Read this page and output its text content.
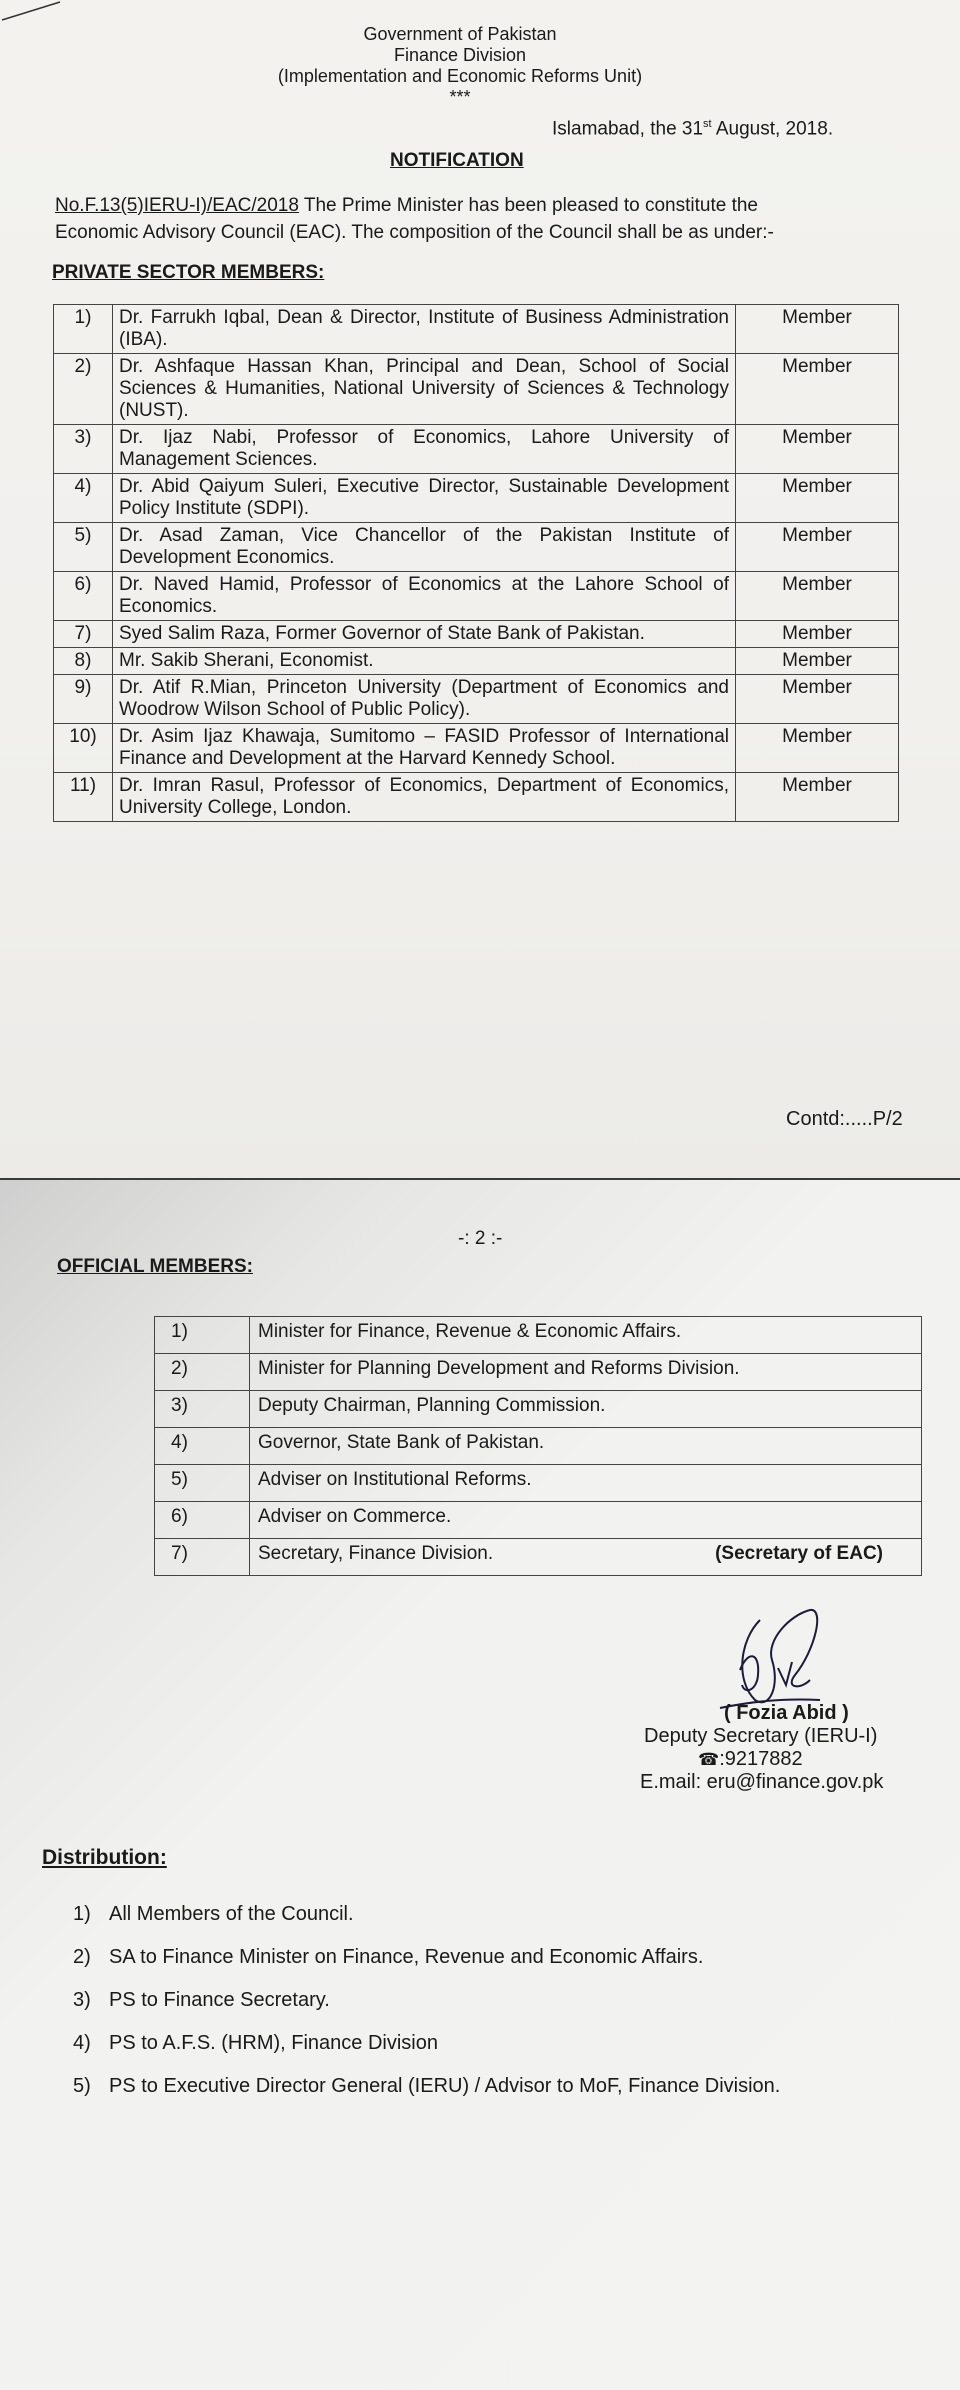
Government of Pakistan
Finance Division
(Implementation and Economic Reforms Unit)
***
Islamabad, the 31st August, 2018.
NOTIFICATION
No.F.13(5)IERU-I)/EAC/2018 The Prime Minister has been pleased to constitute the
Economic Advisory Council (EAC). The composition of the Council shall be as under:-
PRIVATE SECTOR MEMBERS:
1)	Dr. Farrukh Iqbal, Dean & Director, Institute of Business Administration (IBA).	Member
2)	Dr. Ashfaque Hassan Khan, Principal and Dean, School of Social Sciences & Humanities, National University of Sciences & Technology (NUST).	Member
3)	Dr. Ijaz Nabi, Professor of Economics, Lahore University of Management Sciences.	Member
4)	Dr. Abid Qaiyum Suleri, Executive Director, Sustainable Development Policy Institute (SDPI).	Member
5)	Dr. Asad Zaman, Vice Chancellor of the Pakistan Institute of Development Economics.	Member
6)	Dr. Naved Hamid, Professor of Economics at the Lahore School of Economics.	Member
7)	Syed Salim Raza, Former Governor of State Bank of Pakistan.	Member
8)	Mr. Sakib Sherani, Economist.	Member
9)	Dr. Atif R.Mian, Princeton University (Department of Economics and Woodrow Wilson School of Public Policy).	Member
10)	Dr. Asim Ijaz Khawaja, Sumitomo – FASID Professor of International Finance and Development at the Harvard Kennedy School.	Member
11)	Dr. Imran Rasul, Professor of Economics, Department of Economics, University College, London.	Member
Contd:.....P/2
-: 2 :-
OFFICIAL MEMBERS:
1)	Minister for Finance, Revenue & Economic Affairs.
2)	Minister for Planning Development and Reforms Division.
3)	Deputy Chairman, Planning Commission.
4)	Governor, State Bank of Pakistan.
5)	Adviser on Institutional Reforms.
6)	Adviser on Commerce.
7)	Secretary, Finance Division. (Secretary of EAC)
( Fozia Abid )
Deputy Secretary (IERU-I)
☎:9217882
E.mail: eru@finance.gov.pk
Distribution:
1) All Members of the Council.
2) SA to Finance Minister on Finance, Revenue and Economic Affairs.
3) PS to Finance Secretary.
4) PS to A.F.S. (HRM), Finance Division
5) PS to Executive Director General (IERU) / Advisor to MoF, Finance Division.
